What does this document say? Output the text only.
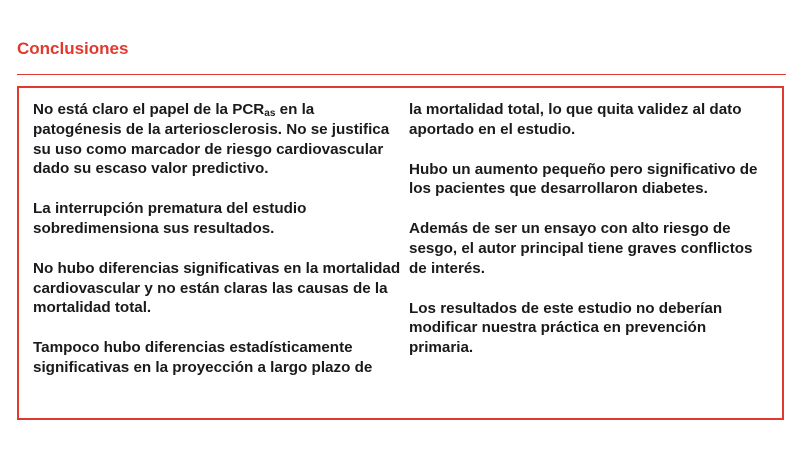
Conclusiones

No está claro el papel de la $PCR_{as}$ en la patogénesis de la arteriosclerosis. No se justifica su uso como marcador de riesgo cardiovascular dado su escaso valor predictivo.

La interrupción prematura del estudio sobredimensiona sus resultados.

No hubo diferencias significativas en la mortalidad cardiovascular y no están claras las causas de la mortalidad total.

Tampoco hubo diferencias estadísticamente significativas en la proyección a largo plazo de

la mortalidad total, lo que quita validez al dato aportado en el estudio.

Hubo un aumento pequeño pero significativo de los pacientes que desarrollaron diabetes.

Además de ser un ensayo con alto riesgo de sesgo, el autor principal tiene graves conflictos de interés.

Los resultados de este estudio no deberían modificar nuestra práctica en prevención primaria.
